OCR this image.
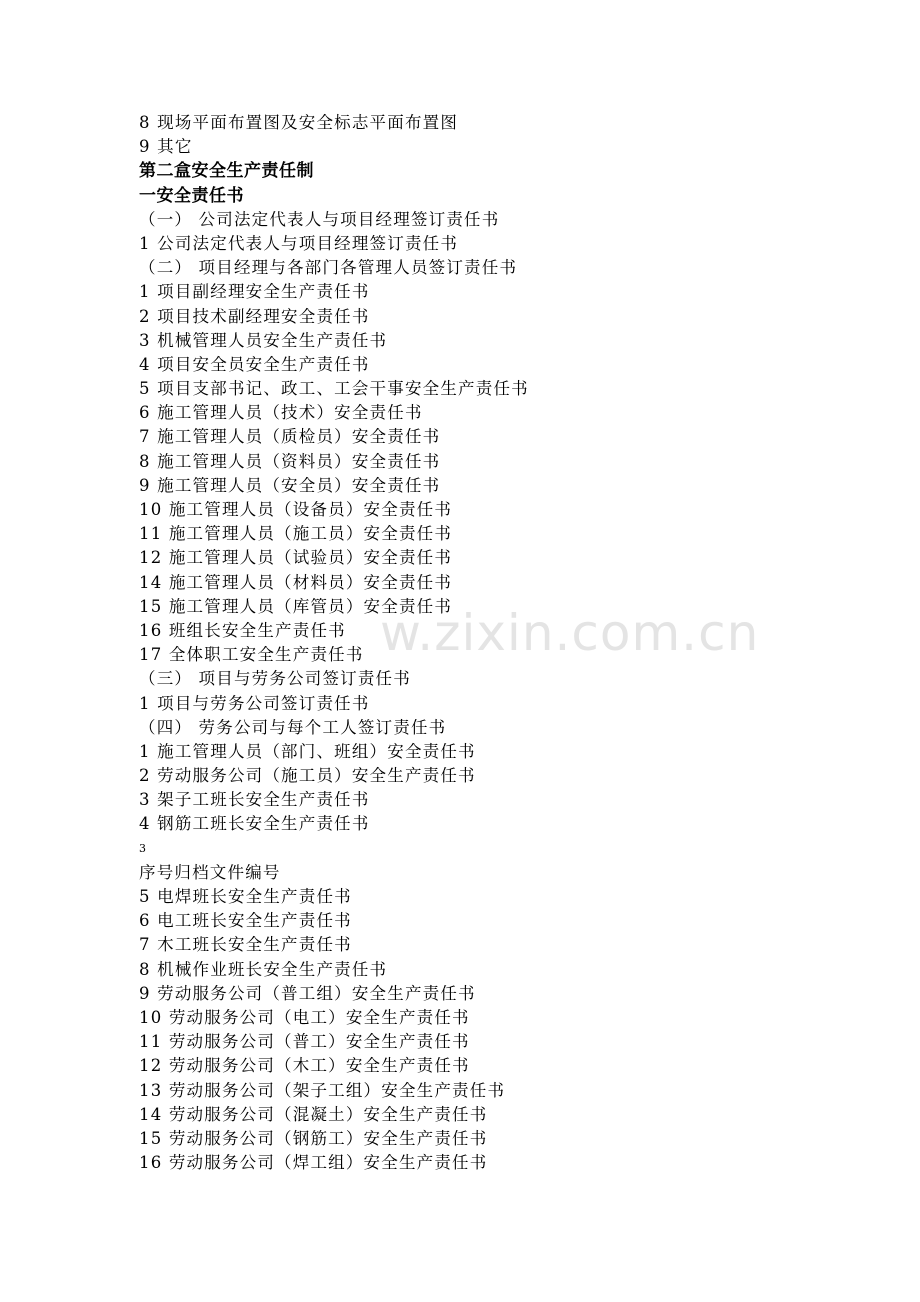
w.zixin.com.cn
8 现场平面布置图及安全标志平面布置图
9 其它
第二盒安全生产责任制
一安全责任书
（一） 公司法定代表人与项目经理签订责任书
1 公司法定代表人与项目经理签订责任书
（二） 项目经理与各部门各管理人员签订责任书
1 项目副经理安全生产责任书
2 项目技术副经理安全责任书
3 机械管理人员安全生产责任书
4 项目安全员安全生产责任书
5 项目支部书记、政工、工会干事安全生产责任书
6 施工管理人员（技术）安全责任书
7 施工管理人员（质检员）安全责任书
8 施工管理人员（资料员）安全责任书
9 施工管理人员（安全员）安全责任书
10 施工管理人员（设备员）安全责任书
11 施工管理人员（施工员）安全责任书
12 施工管理人员（试验员）安全责任书
14 施工管理人员（材料员）安全责任书
15 施工管理人员（库管员）安全责任书
16 班组长安全生产责任书
17 全体职工安全生产责任书
（三） 项目与劳务公司签订责任书
1 项目与劳务公司签订责任书
（四） 劳务公司与每个工人签订责任书
1 施工管理人员（部门、班组）安全责任书
2 劳动服务公司（施工员）安全生产责任书
3 架子工班长安全生产责任书
4 钢筋工班长安全生产责任书
3
序号归档文件编号
5 电焊班长安全生产责任书
6 电工班长安全生产责任书
7 木工班长安全生产责任书
8 机械作业班长安全生产责任书
9 劳动服务公司（普工组）安全生产责任书
10 劳动服务公司（电工）安全生产责任书
11 劳动服务公司（普工）安全生产责任书
12 劳动服务公司（木工）安全生产责任书
13 劳动服务公司（架子工组）安全生产责任书
14 劳动服务公司（混凝土）安全生产责任书
15 劳动服务公司（钢筋工）安全生产责任书
16 劳动服务公司（焊工组）安全生产责任书
